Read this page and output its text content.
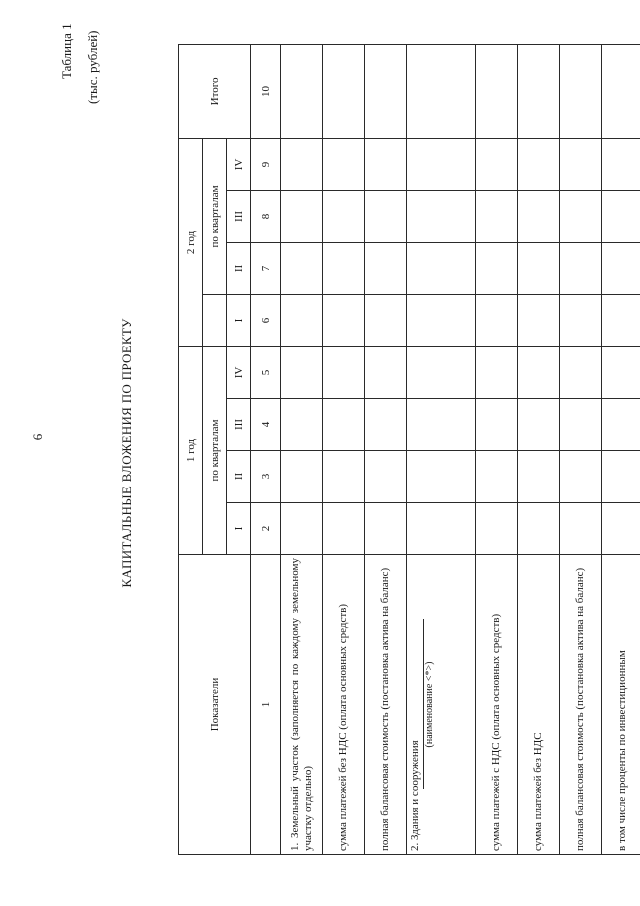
6
Таблица 1 (тыс. рублей)
КАПИТАЛЬНЫЕ ВЛОЖЕНИЯ ПО ПРОЕКТУ
Показатели	1 год				2 год				Итого
	по кварталам					по кварталам			
	I	II	III	IV	I	II	III	IV	
1	2	3	4	5	6	7	8	9	10
1. Земельный участок (заполняется по каждому земельному участку отдельно)									
сумма платежей без НДС (оплата основных средств)									
полная балансовая стоимость (постановка актива на баланс)									

2. Здания и сооружения
(наименование <*>)									

сумма платежей с НДС (оплата основных средств)									
сумма платежей без НДС									
полная балансовая стоимость (постановка актива на баланс)									
в том числе проценты по инвестиционным									
